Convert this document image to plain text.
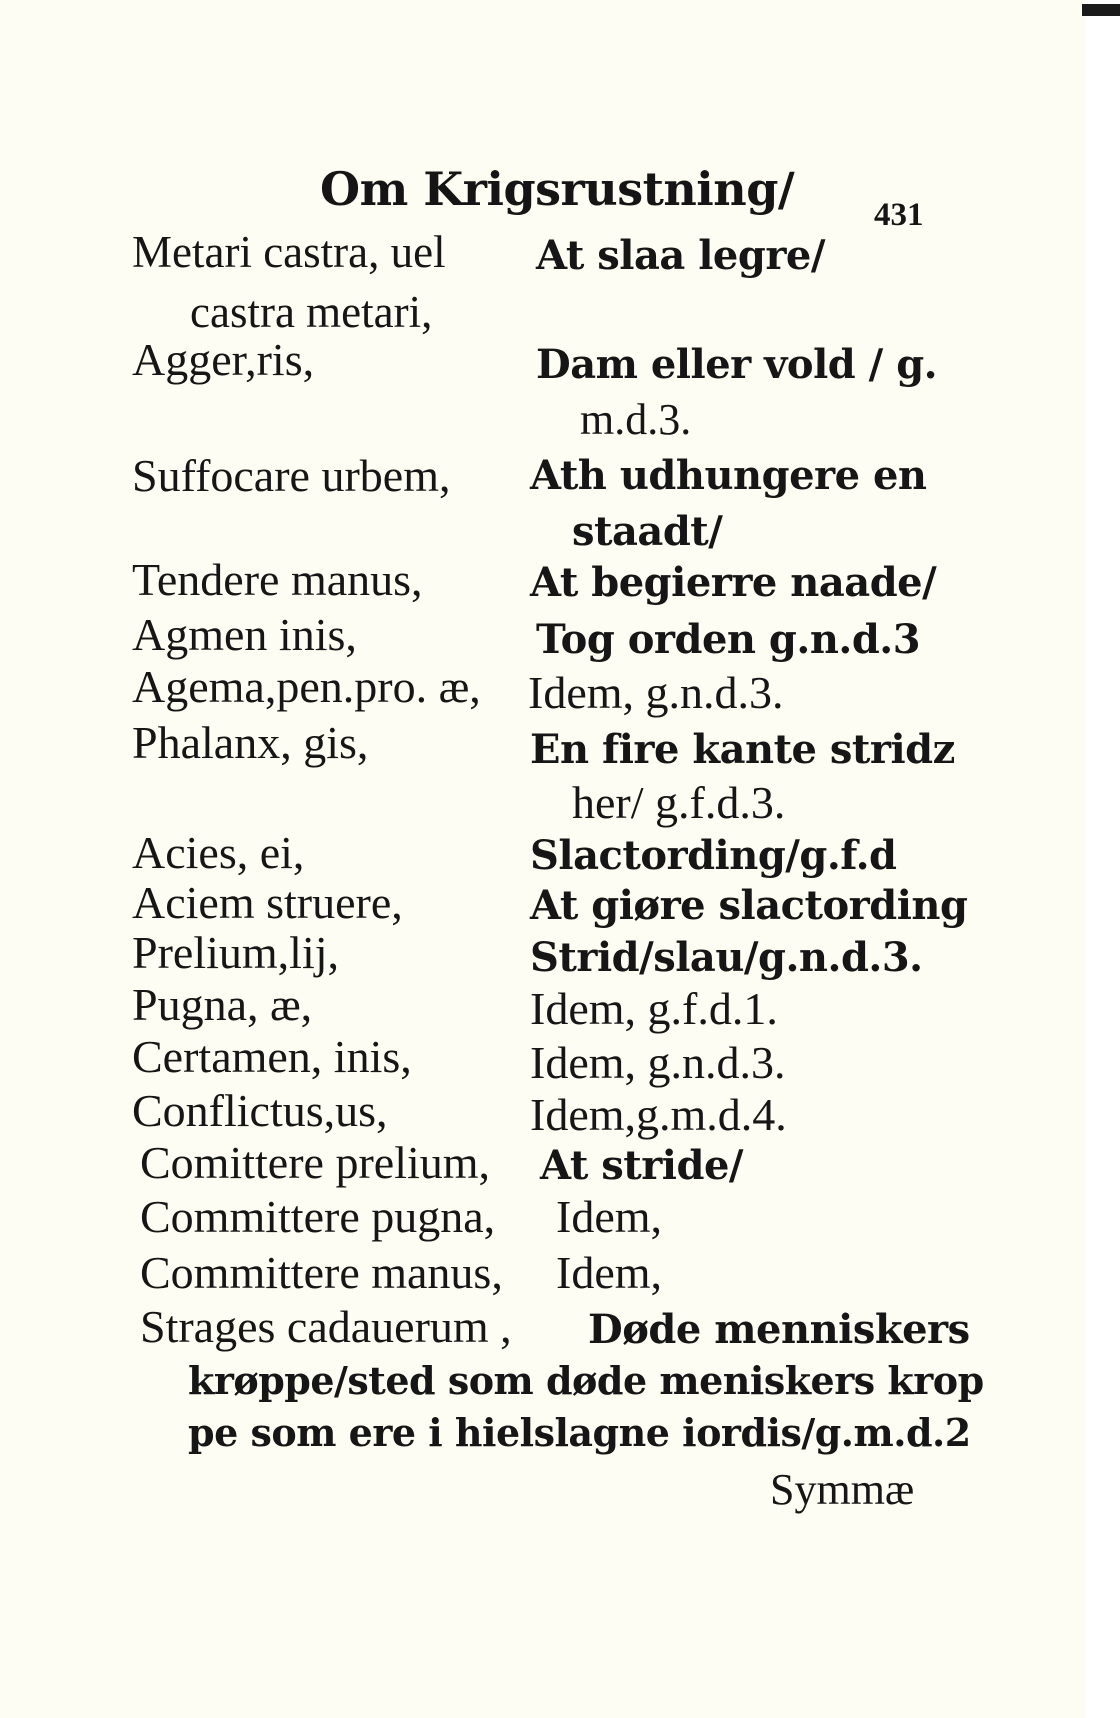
Om Krigsrustning/ 431
Metari castra, uel At slaa legre/
castra metari,
Agger,ris,	Dam eller vold / g.
m.d.3.
Suffocare urbem, Ath udhungere en
staadt/
Tendere manus,	At begierre naade/
Agmen inis,	Tog orden g.n.d.3
Agema,pen.pro. æ, Idem, g.n.d.3.
Phalanx, gis,	En fire kante stridz
her/ g.f.d.3.
Acies, ei,	Slactording/g.f.d
Aciem struere,	At giøre slactording
Prelium,lij,	Strid/slau/g.n.d.3.
Pugna, æ,	Idem, g.f.d.1.
Certamen, inis,	Idem, g.n.d.3.
Conflictus,us,	Idem,g.m.d.4.
Comittere prelium, At stride/
Committere pugna, Idem,
Committere manus, Idem,
Strages cadauerum , Døde menniskers
krøppe/sted som døde meniskers krop
pe som ere i hielslagne iordis/g.m.d.2
Symmæ
